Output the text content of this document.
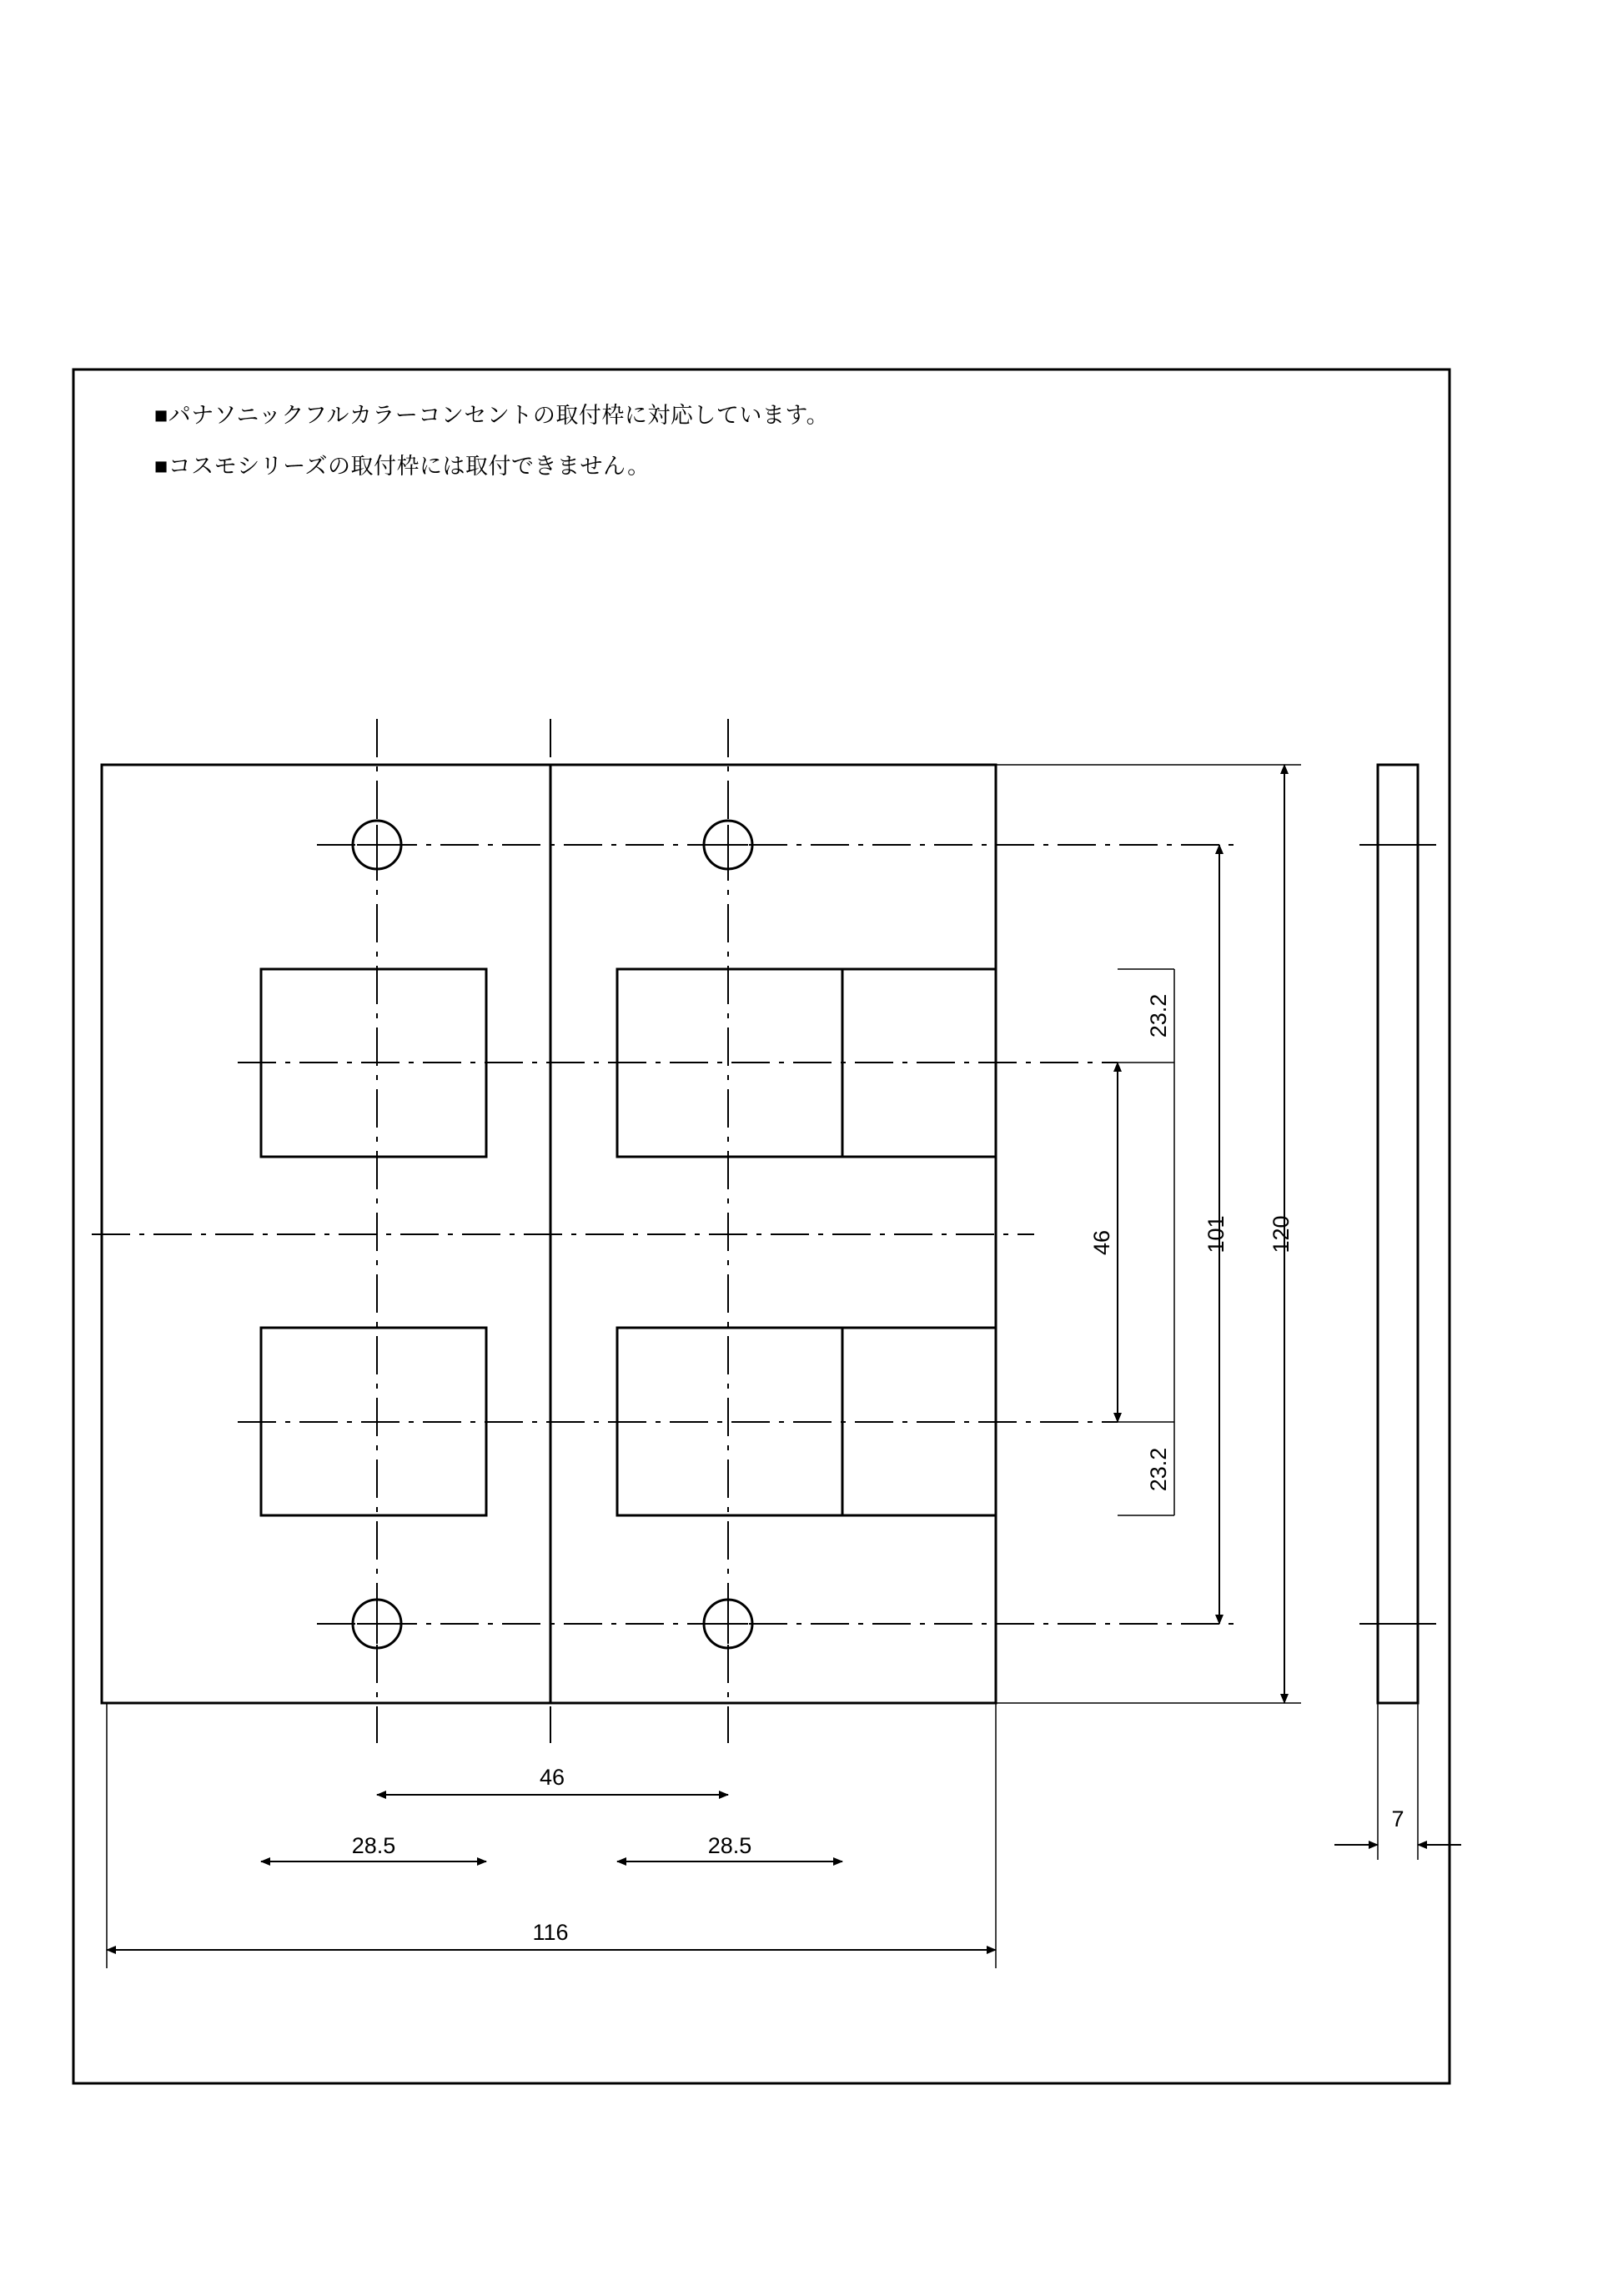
120
101
23.2
46
23.2
46
28.5	28.5
116
7
■パナソニックフルカラーコンセントの取付枠に対応しています。
■コスモシリーズの取付枠には取付できません。
